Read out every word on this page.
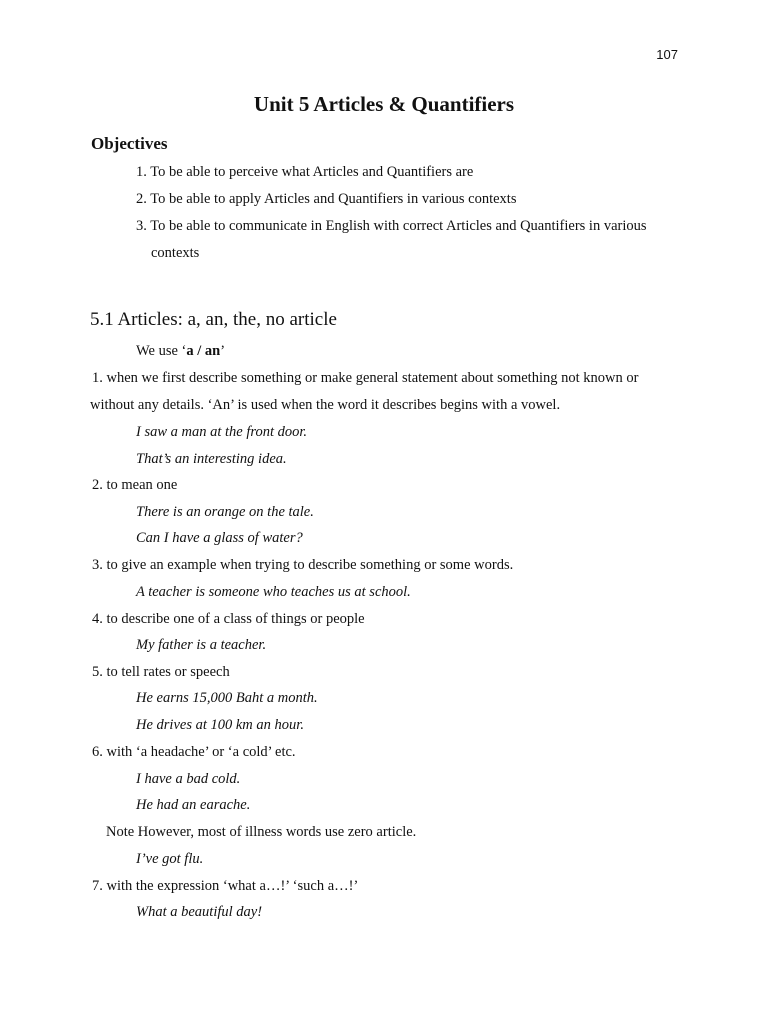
107
Unit 5 Articles & Quantifiers
Objectives
1. To be able to perceive what Articles and Quantifiers are
2. To be able to apply Articles and Quantifiers in various contexts
3. To be able to communicate in English with correct Articles and Quantifiers in various
contexts
5.1 Articles: a, an, the, no article
We use ‘a / an’
1. when we first describe something or make general statement about something not known or
without any details. ‘An’ is used when the word it describes begins with a vowel.
I saw a man at the front door.
That’s an interesting idea.
2. to mean one
There is an orange on the tale.
Can I have a glass of water?
3. to give an example when trying to describe something or some words.
A teacher is someone who teaches us at school.
4. to describe one of a class of things or people
My father is a teacher.
5. to tell rates or speech
He earns 15,000 Baht a month.
He drives at 100 km an hour.
6. with ‘a headache’ or ‘a cold’ etc.
I have a bad cold.
He had an earache.
Note However, most of illness words use zero article.
I’ve got flu.
7. with the expression ‘what a…!’ ‘such a…!’
What a beautiful day!
